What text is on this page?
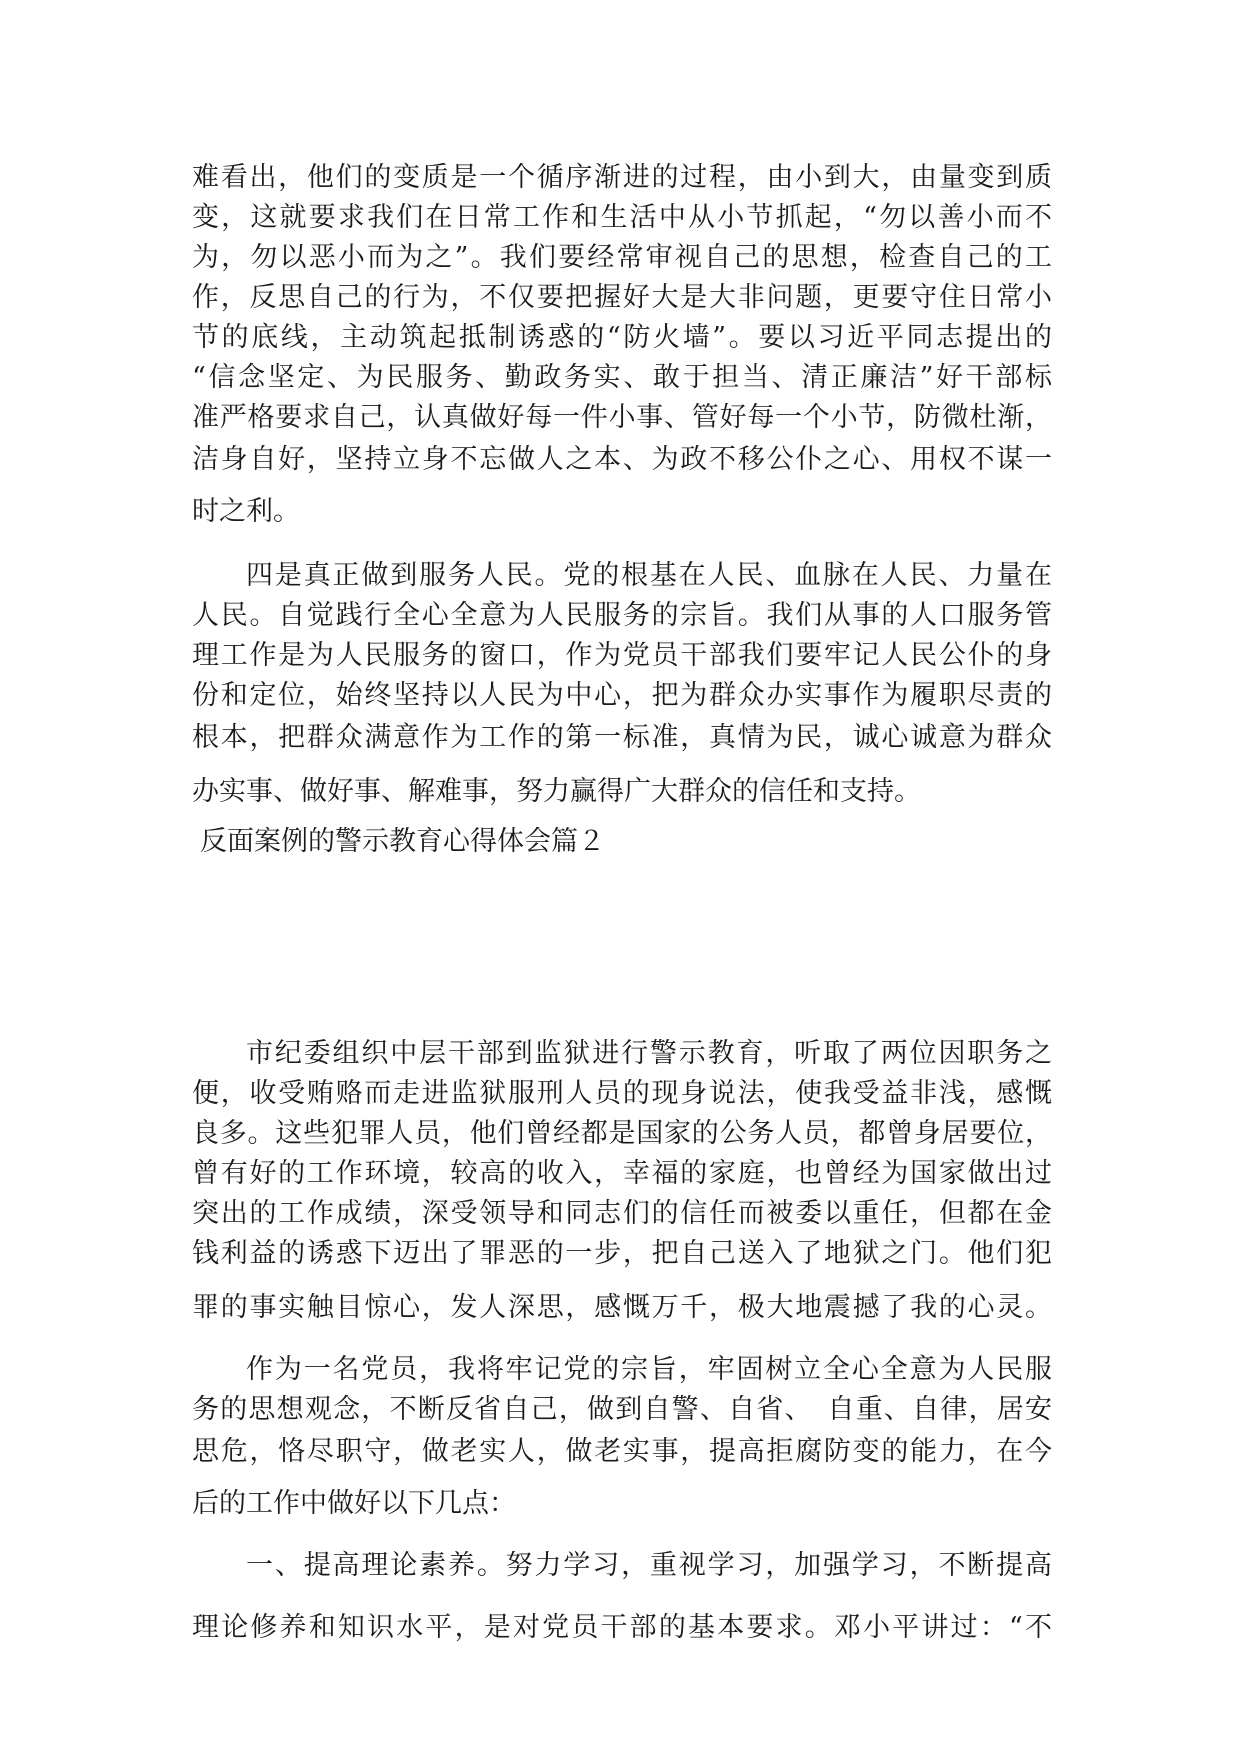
难看出，他们的变质是一个循序渐进的过程，由小到大，由量变到质
变，这就要求我们在日常工作和生活中从小节抓起，“勿以善小而不
为，勿以恶小而为之”。我们要经常审视自己的思想，检查自己的工
作，反思自己的行为，不仅要把握好大是大非问题，更要守住日常小
节的底线，主动筑起抵制诱惑的“防火墙”。要以习近平同志提出的
“信念坚定、为民服务、勤政务实、敢于担当、清正廉洁”好干部标
准严格要求自己，认真做好每一件小事、管好每一个小节，防微杜渐，
洁身自好，坚持立身不忘做人之本、为政不移公仆之心、用权不谋一
时之利。
四是真正做到服务人民。党的根基在人民、血脉在人民、力量在
人民。自觉践行全心全意为人民服务的宗旨。我们从事的人口服务管
理工作是为人民服务的窗口，作为党员干部我们要牢记人民公仆的身
份和定位，始终坚持以人民为中心，把为群众办实事作为履职尽责的
根本，把群众满意作为工作的第一标准，真情为民，诚心诚意为群众
办实事、做好事、解难事，努力赢得广大群众的信任和支持。
反面案例的警示教育心得体会篇２
市纪委组织中层干部到监狱进行警示教育，听取了两位因职务之
便，收受贿赂而走进监狱服刑人员的现身说法，使我受益非浅，感慨
良多。这些犯罪人员，他们曾经都是国家的公务人员，都曾身居要位，
曾有好的工作环境，较高的收入，幸福的家庭，也曾经为国家做出过
突出的工作成绩，深受领导和同志们的信任而被委以重任，但都在金
钱利益的诱惑下迈出了罪恶的一步，把自己送入了地狱之门。他们犯
罪的事实触目惊心，发人深思，感慨万千，极大地震撼了我的心灵。
作为一名党员，我将牢记党的宗旨，牢固树立全心全意为人民服
务的思想观念，不断反省自己，做到自警、自省、　自重、自律，居安
思危，恪尽职守，做老实人，做老实事，提高拒腐防变的能力，在今
后的工作中做好以下几点：
一、提高理论素养。努力学习，重视学习，加强学习，不断提高
理论修养和知识水平，是对党员干部的基本要求。邓小平讲过：“不
